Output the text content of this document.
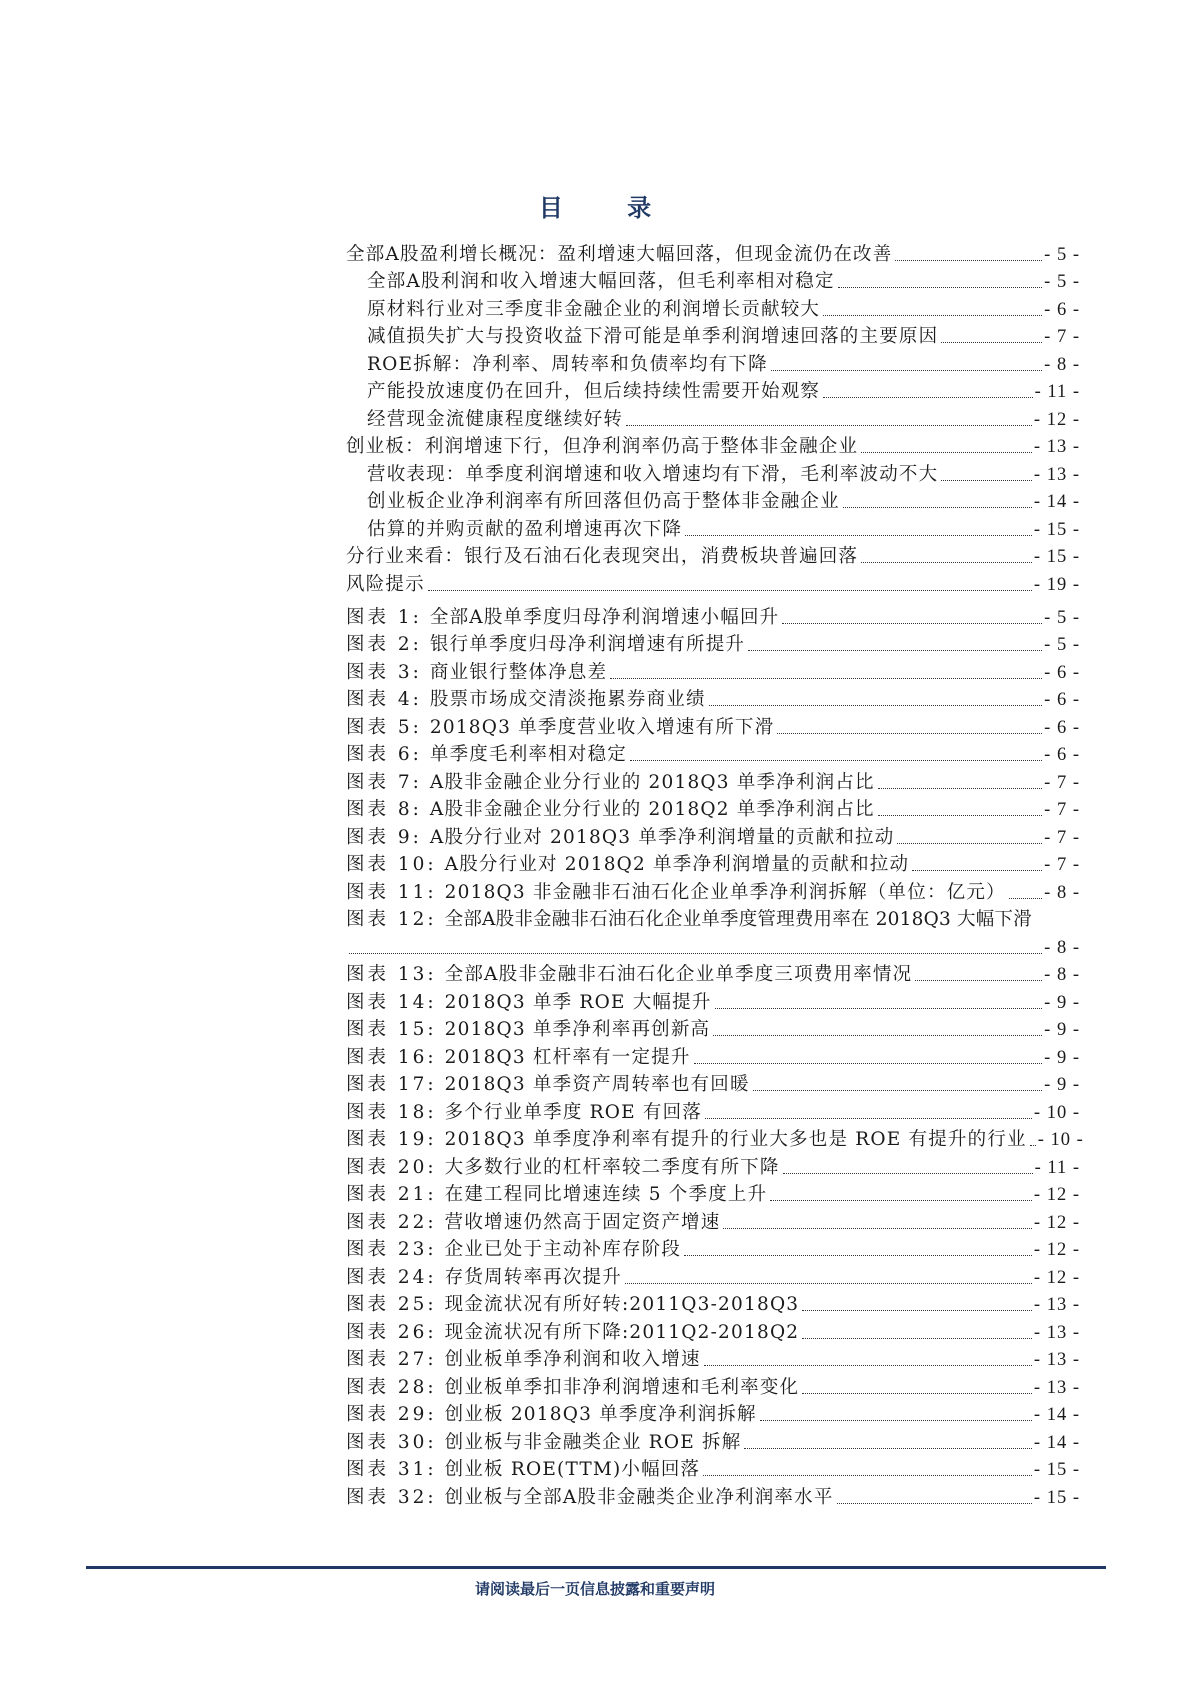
目 录
全部A股盈利增长概况：盈利增速大幅回落，但现金流仍在改善	- 5 -
全部A股利润和收入增速大幅回落，但毛利率相对稳定	- 5 -
原材料行业对三季度非金融企业的利润增长贡献较大	- 6 -
减值损失扩大与投资收益下滑可能是单季利润增速回落的主要原因	- 7 -
ROE拆解：净利率、周转率和负债率均有下降	- 8 -
产能投放速度仍在回升，但后续持续性需要开始观察	- 11 -
经营现金流健康程度继续好转	- 12 -
创业板：利润增速下行，但净利润率仍高于整体非金融企业	- 13 -
营收表现：单季度利润增速和收入增速均有下滑，毛利率波动不大	- 13 -
创业板企业净利润率有所回落但仍高于整体非金融企业	- 14 -
估算的并购贡献的盈利增速再次下降	- 15 -
分行业来看：银行及石油石化表现突出，消费板块普遍回落	- 15 -
风险提示	- 19 -
图表 1: 全部A股单季度归母净利润增速小幅回升	- 5 -
图表 2: 银行单季度归母净利润增速有所提升	- 5 -
图表 3: 商业银行整体净息差	- 6 -
图表 4: 股票市场成交清淡拖累券商业绩	- 6 -
图表 5: 2018Q3 单季度营业收入增速有所下滑	- 6 -
图表 6: 单季度毛利率相对稳定	- 6 -
图表 7: A股非金融企业分行业的 2018Q3 单季净利润占比	- 7 -
图表 8: A股非金融企业分行业的 2018Q2 单季净利润占比	- 7 -
图表 9: A股分行业对 2018Q3 单季净利润增量的贡献和拉动	- 7 -
图表 10: A股分行业对 2018Q2 单季净利润增量的贡献和拉动	- 7 -
图表 11: 2018Q3 非金融非石油石化企业单季净利润拆解（单位：亿元） - 8 -
图表 12: 全部A股非金融非石油石化企业单季度管理费用率在 2018Q3 大幅下滑
- 8 -
图表 13: 全部A股非金融非石油石化企业单季度三项费用率情况	- 8 -
图表 14: 2018Q3 单季 ROE 大幅提升	- 9 -
图表 15: 2018Q3 单季净利率再创新高	- 9 -
图表 16: 2018Q3 杠杆率有一定提升	- 9 -
图表 17: 2018Q3 单季资产周转率也有回暖	- 9 -
图表 18: 多个行业单季度 ROE 有回落	- 10 -
图表 19: 2018Q3 单季度净利率有提升的行业大多也是 ROE 有提升的行业 - 10 -
图表 20: 大多数行业的杠杆率较二季度有所下降	- 11 -
图表 21: 在建工程同比增速连续 5 个季度上升	- 12 -
图表 22: 营收增速仍然高于固定资产增速	- 12 -
图表 23: 企业已处于主动补库存阶段	- 12 -
图表 24: 存货周转率再次提升	- 12 -
图表 25: 现金流状况有所好转:2011Q3-2018Q3	- 13 -
图表 26: 现金流状况有所下降:2011Q2-2018Q2	- 13 -
图表 27: 创业板单季净利润和收入增速	- 13 -
图表 28: 创业板单季扣非净利润增速和毛利率变化	- 13 -
图表 29: 创业板 2018Q3 单季度净利润拆解	- 14 -
图表 30: 创业板与非金融类企业 ROE 拆解	- 14 -
图表 31: 创业板 ROE(TTM)小幅回落	- 15 -
图表 32: 创业板与全部A股非金融类企业净利润率水平	- 15 -
请阅读最后一页信息披露和重要声明
